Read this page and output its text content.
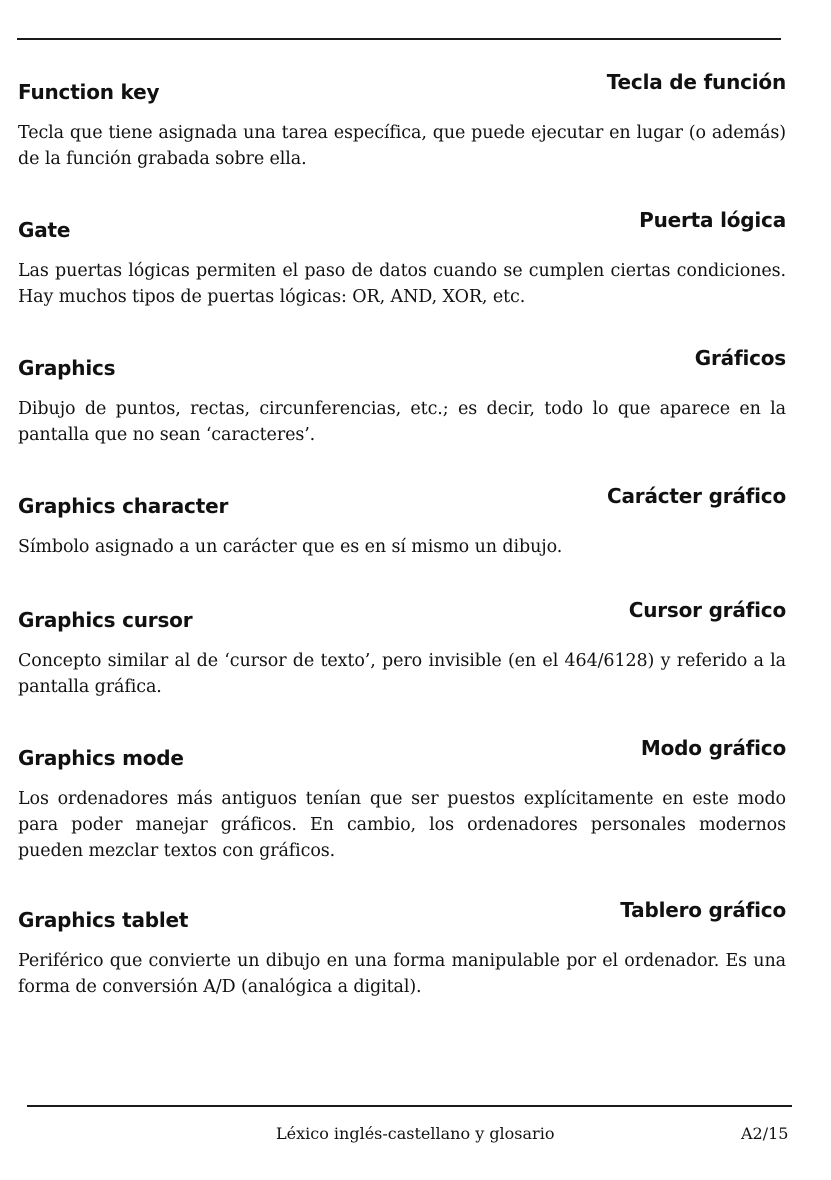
Function key	Tecla de función
Tecla que tiene asignada una tarea específica, que puede ejecutar en lugar (o además) de la función grabada sobre ella.
Gate	Puerta lógica
Las puertas lógicas permiten el paso de datos cuando se cumplen ciertas condiciones. Hay muchos tipos de puertas lógicas: OR, AND, XOR, etc.
Graphics	Gráficos
Dibujo de puntos, rectas, circunferencias, etc.; es decir, todo lo que aparece en la pantalla que no sean ‘caracteres’.
Graphics character	Carácter gráfico
Símbolo asignado a un carácter que es en sí mismo un dibujo.
Graphics cursor	Cursor gráfico
Concepto similar al de ‘cursor de texto’, pero invisible (en el 464/6128) y referido a la pantalla gráfica.
Graphics mode	Modo gráfico
Los ordenadores más antiguos tenían que ser puestos explícitamente en este modo para poder manejar gráficos. En cambio, los ordenadores personales modernos pueden mezclar textos con gráficos.
Graphics tablet	Tablero gráfico
Periférico que convierte un dibujo en una forma manipulable por el ordenador. Es una forma de conversión A/D (analógica a digital).
Léxico inglés-castellano y glosario	A2/15
